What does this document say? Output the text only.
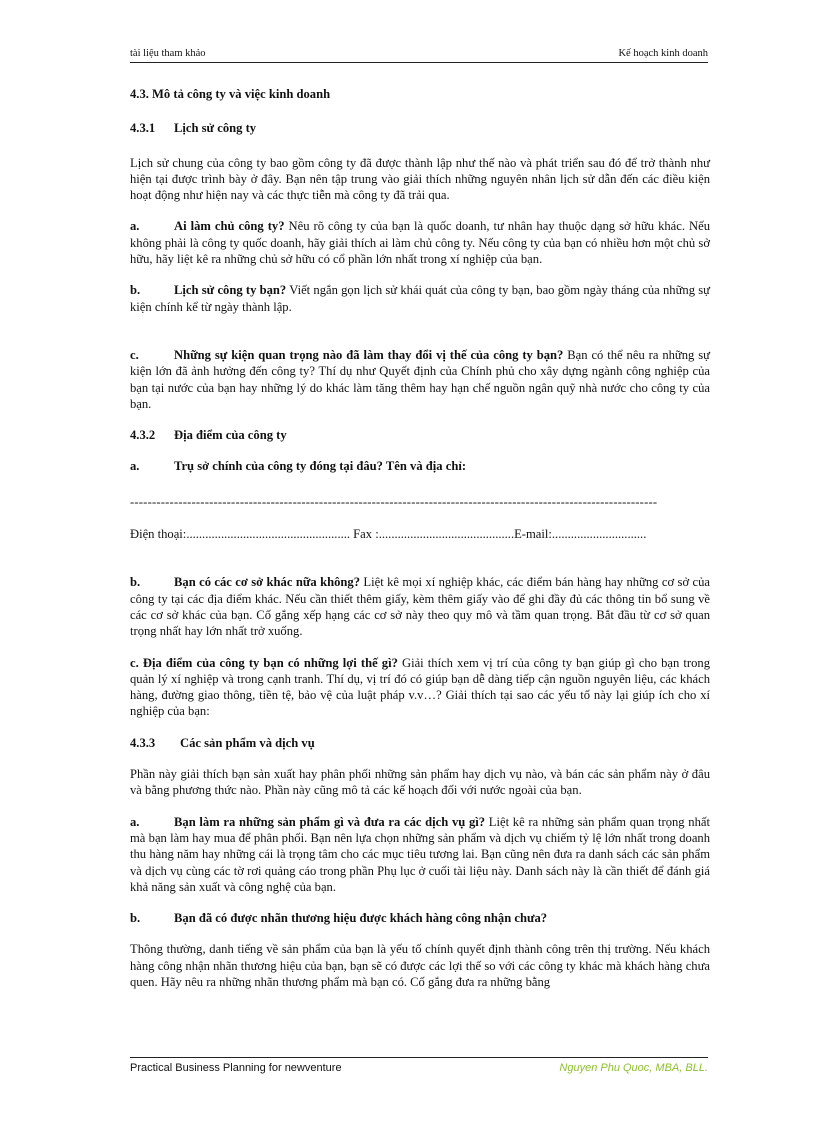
tài liệu tham khảo	Kế hoạch kinh doanh

4.3. Mô tả công ty và việc kinh doanh

4.3.1 Lịch sử công ty

Lịch sử chung của công ty bao gồm công ty đã được thành lập như thế nào và phát triển sau đó để trở thành như hiện tại được trình bày ở đây. Bạn nên tập trung vào giải thích những nguyên nhân lịch sử dẫn đến các điều kiện hoạt động như hiện nay và các thực tiễn mà công ty đã trải qua.

a.	Ai làm chủ công ty? Nêu rõ công ty của bạn là quốc doanh, tư nhân hay thuộc dạng sở hữu khác. Nếu không phải là công ty quốc doanh, hãy giải thích ai làm chủ công ty. Nếu công ty của bạn có nhiều hơn một chủ sở hữu, hãy liệt kê ra những chủ sở hữu có cổ phần lớn nhất trong xí nghiệp của bạn.

b.	Lịch sử công ty bạn? Viết ngắn gọn lịch sử khái quát của công ty bạn, bao gồm ngày tháng của những sự kiện chính kể từ ngày thành lập.

c.	Những sự kiện quan trọng nào đã làm thay đổi vị thế của công ty bạn? Bạn có thể nêu ra những sự kiện lớn đã ảnh hưởng đến công ty? Thí dụ như Quyết định của Chính phủ cho xây dựng ngành công nghiệp của bạn tại nước của bạn hay những lý do khác làm tăng thêm hay hạn chế nguồn ngân quỹ nhà nước cho công ty của bạn.

4.3.2 Địa điểm của công ty

a.	Trụ sở chính của công ty đóng tại đâu? Tên và địa chỉ:

------------------------------------------------------------------------------------------------------------------------

Điện thoại:.................................................... Fax :...........................................E-mail:..............................

b.	Bạn có các cơ sở khác nữa không? Liệt kê mọi xí nghiệp khác, các điểm bán hàng hay những cơ sở của công ty tại các địa điểm khác. Nếu cần thiết thêm giấy, kèm thêm giấy vào để ghi đầy đủ các thông tin bổ sung về các cơ sở khác của bạn. Cố gắng xếp hạng các cơ sở này theo quy mô và tầm quan trọng. Bắt đầu từ cơ sở quan trọng nhất hay lớn nhất trở xuống.

c. Địa điểm của công ty bạn có những lợi thế gì? Giải thích xem vị trí của công ty bạn giúp gì cho bạn trong quản lý xí nghiệp và trong cạnh tranh. Thí dụ, vị trí đó có giúp bạn dễ dàng tiếp cận nguồn nguyên liệu, các khách hàng, đường giao thông, tiền tệ, bảo vệ của luật pháp v.v…? Giải thích tại sao các yếu tố này lại giúp ích cho xí nghiệp của bạn:

4.3.3 Các sản phẩm và dịch vụ

Phần này giải thích bạn sản xuất hay phân phối những sản phẩm hay dịch vụ nào, và bán các sản phẩm này ở đâu và bằng phương thức nào. Phần này cũng mô tả các kế hoạch đối với nước ngoài của bạn.

a.	Bạn làm ra những sản phẩm gì và đưa ra các dịch vụ gì? Liệt kê ra những sản phẩm quan trọng nhất mà bạn làm hay mua để phân phối. Bạn nên lựa chọn những sản phẩm và dịch vụ chiếm tỷ lệ lớn nhất trong doanh thu hàng năm hay những cái là trọng tâm cho các mục tiêu tương lai. Bạn cũng nên đưa ra danh sách các sản phẩm và dịch vụ cùng các tờ rơi quảng cáo trong phần Phụ lục ở cuối tài liệu này. Danh sách này là cần thiết để đánh giá khả năng sản xuất và công nghệ của bạn.

b.	Bạn đã có được nhãn thương hiệu được khách hàng công nhận chưa?

Thông thường, danh tiếng về sản phẩm của bạn là yếu tố chính quyết định thành công trên thị trường. Nếu khách hàng công nhận nhãn thương hiệu của bạn, bạn sẽ có được các lợi thế so với các công ty khác mà khách hàng chưa quen. Hãy nêu ra những nhãn thương phẩm mà bạn có. Cố gắng đưa ra những bằng

Practical Business Planning for newventure	Nguyen Phu Quoc, MBA, BLL.
